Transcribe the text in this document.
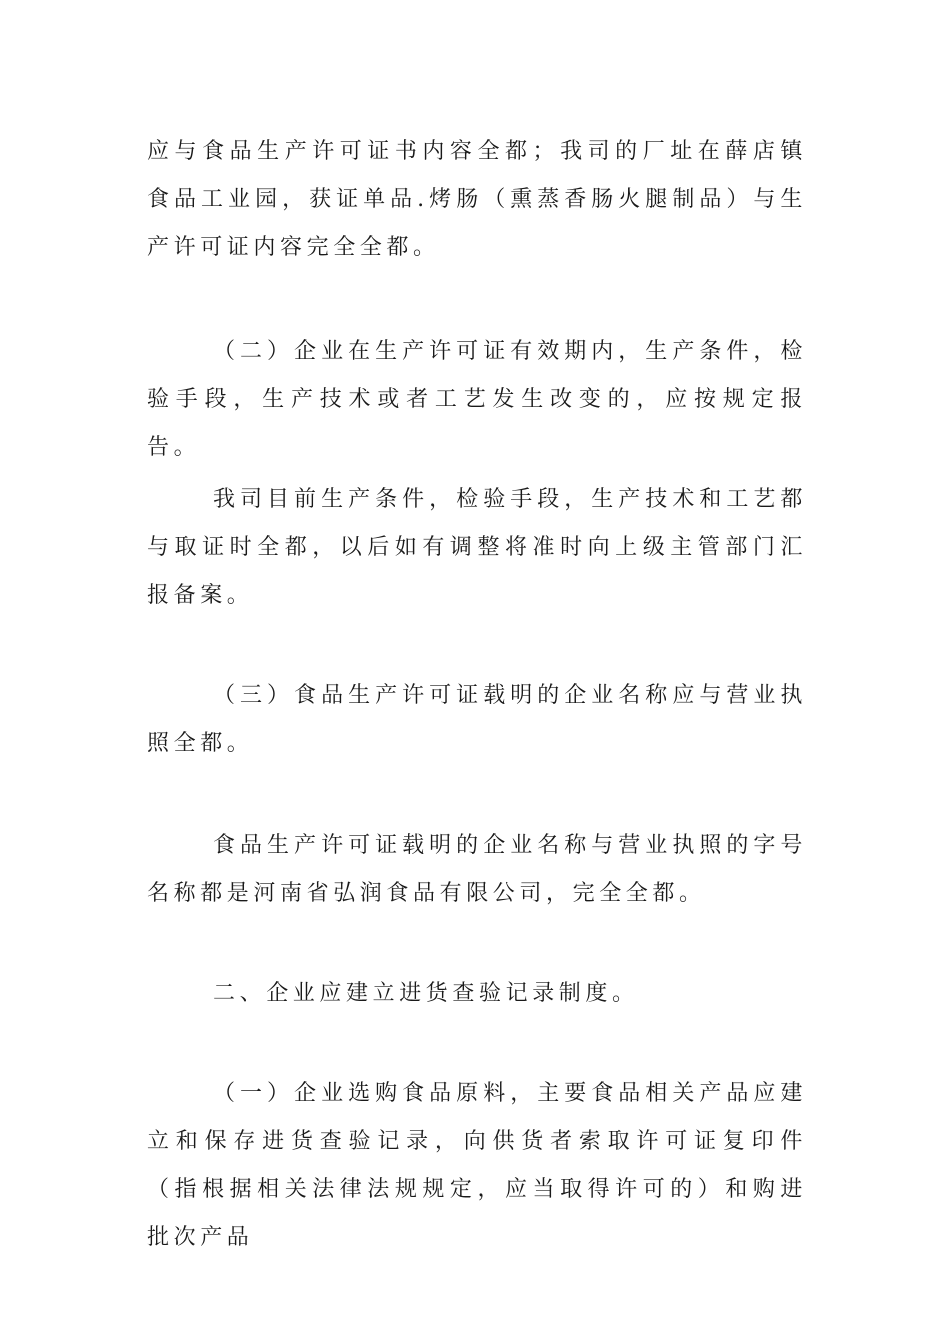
应与食品生产许可证书内容全都；我司的厂址在薛店镇食品工业园，获证单品.烤肠（熏蒸香肠火腿制品）与生产许可证内容完全全都。

（二）企业在生产许可证有效期内，生产条件，检验手段，生产技术或者工艺发生改变的，应按规定报告。

我司目前生产条件，检验手段，生产技术和工艺都与取证时全都，以后如有调整将准时向上级主管部门汇报备案。

（三）食品生产许可证载明的企业名称应与营业执照全都。

食品生产许可证载明的企业名称与营业执照的字号名称都是河南省弘润食品有限公司，完全全都。

二、企业应建立进货查验记录制度。

（一）企业选购食品原料，主要食品相关产品应建立和保存进货查验记录，向供货者索取许可证复印件（指根据相关法律法规规定，应当取得许可的）和购进批次产品
